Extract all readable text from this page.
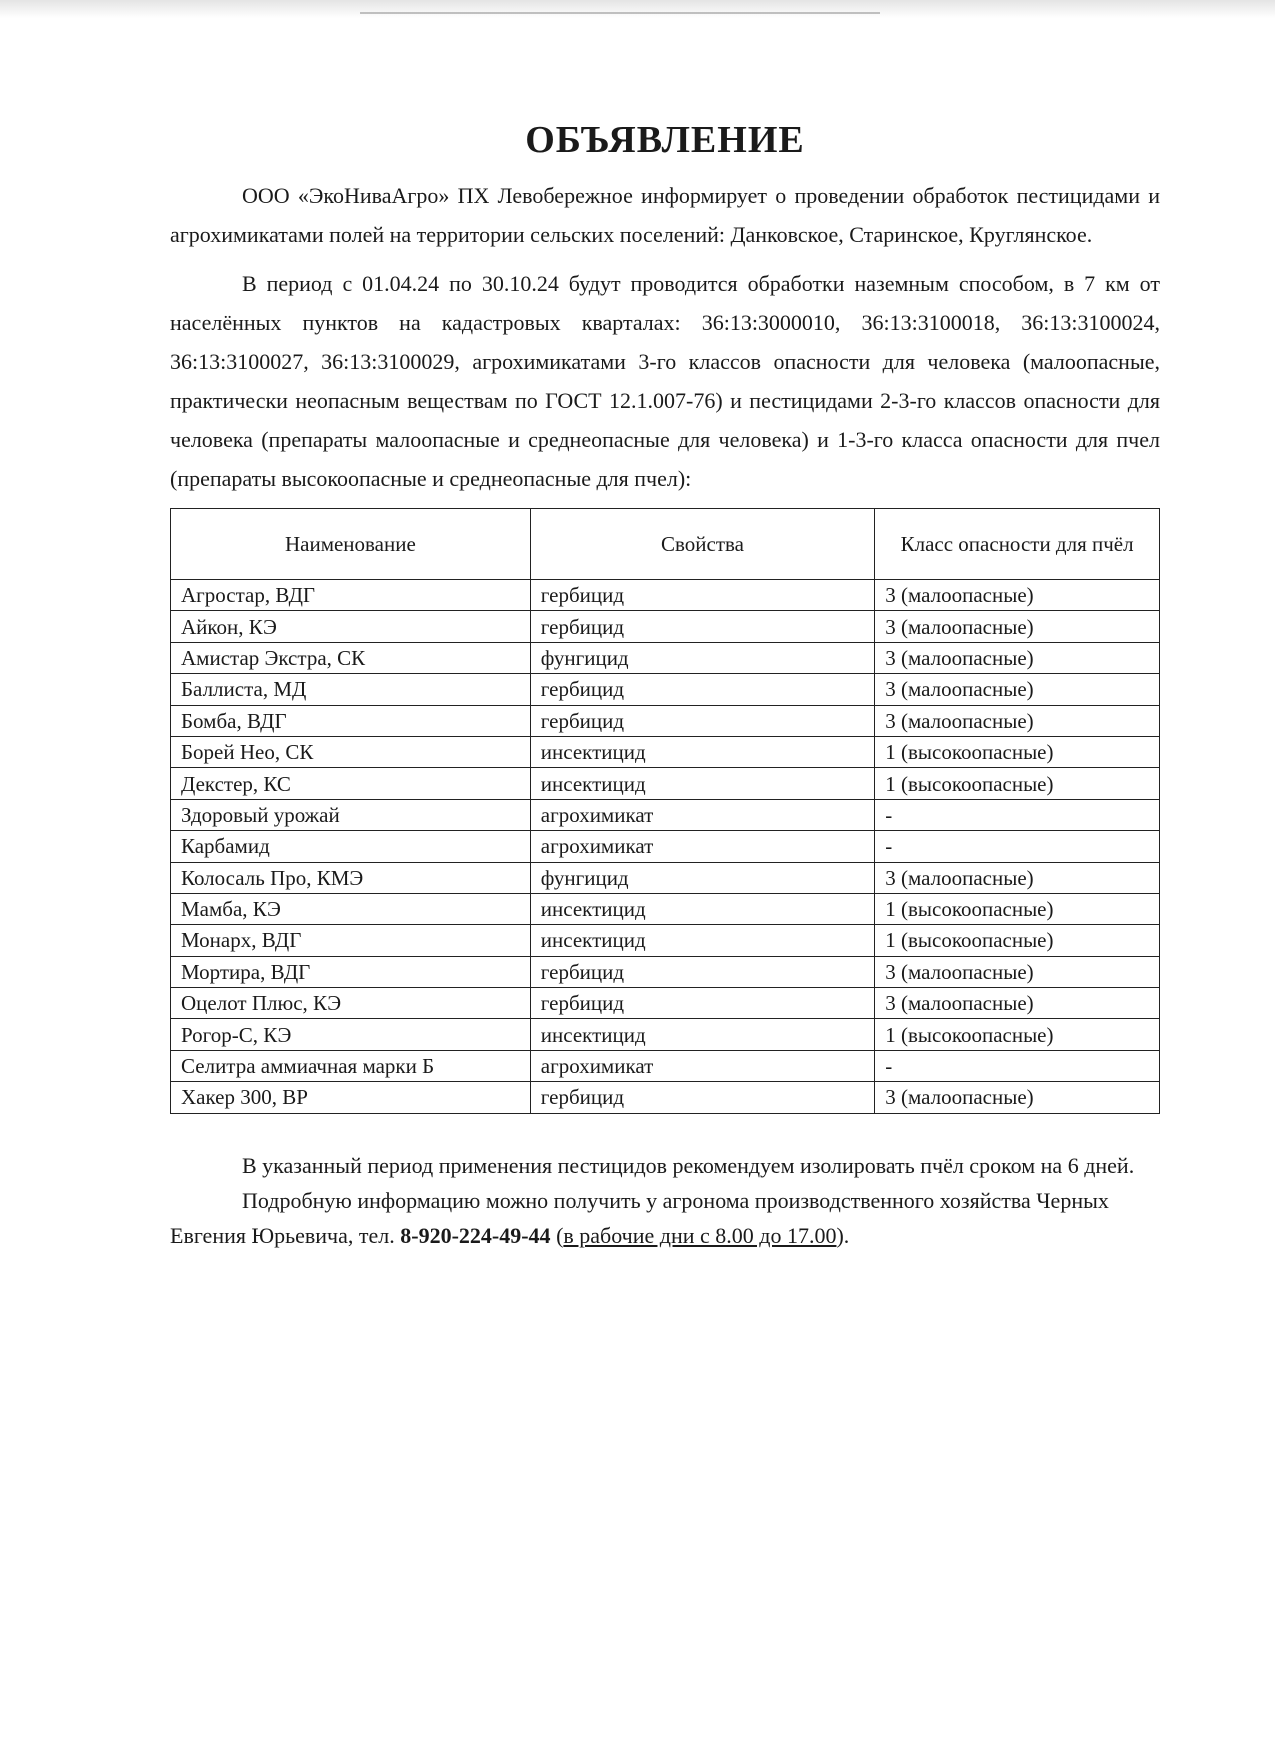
ОБЪЯВЛЕНИЕ

ООО «ЭкоНиваАгро» ПХ Левобережное информирует о проведении обработок пестицидами и агрохимикатами полей на территории сельских поселений: Данковское, Старинское, Круглянское.

В период с 01.04.24 по 30.10.24 будут проводится обработки наземным способом, в 7 км от населённых пунктов на кадастровых кварталах: 36:13:3000010, 36:13:3100018, 36:13:3100024, 36:13:3100027, 36:13:3100029, агрохимикатами 3-го классов опасности для человека (малоопасные, практически неопасным веществам по ГОСТ 12.1.007-76) и пестицидами 2-3-го классов опасности для человека (препараты малоопасные и среднеопасные для человека) и 1-3-го класса опасности для пчел (препараты высокоопасные и среднеопасные для пчел):

Наименование	Свойства	Класс опасности для пчёл
Агростар, ВДГ	гербицид	3 (малоопасные)
Айкон, КЭ	гербицид	3 (малоопасные)
Амистар Экстра, СК	фунгицид	3 (малоопасные)
Баллиста, МД	гербицид	3 (малоопасные)
Бомба, ВДГ	гербицид	3 (малоопасные)
Борей Нео, СК	инсектицид	1 (высокоопасные)
Декстер, КС	инсектицид	1 (высокоопасные)
Здоровый урожай	агрохимикат	-
Карбамид	агрохимикат	-
Колосаль Про, КМЭ	фунгицид	3 (малоопасные)
Мамба, КЭ	инсектицид	1 (высокоопасные)
Монарх, ВДГ	инсектицид	1 (высокоопасные)
Мортира, ВДГ	гербицид	3 (малоопасные)
Оцелот Плюс, КЭ	гербицид	3 (малоопасные)
Рогор-С, КЭ	инсектицид	1 (высокоопасные)
Селитра аммиачная марки Б	агрохимикат	-
Хакер 300, ВР	гербицид	3 (малоопасные)

В указанный период применения пестицидов рекомендуем изолировать пчёл сроком на 6 дней.

Подробную информацию можно получить у агронома производственного хозяйства Черных Евгения Юрьевича, тел. 8-920-224-49-44 (в рабочие дни с 8.00 до 17.00).
